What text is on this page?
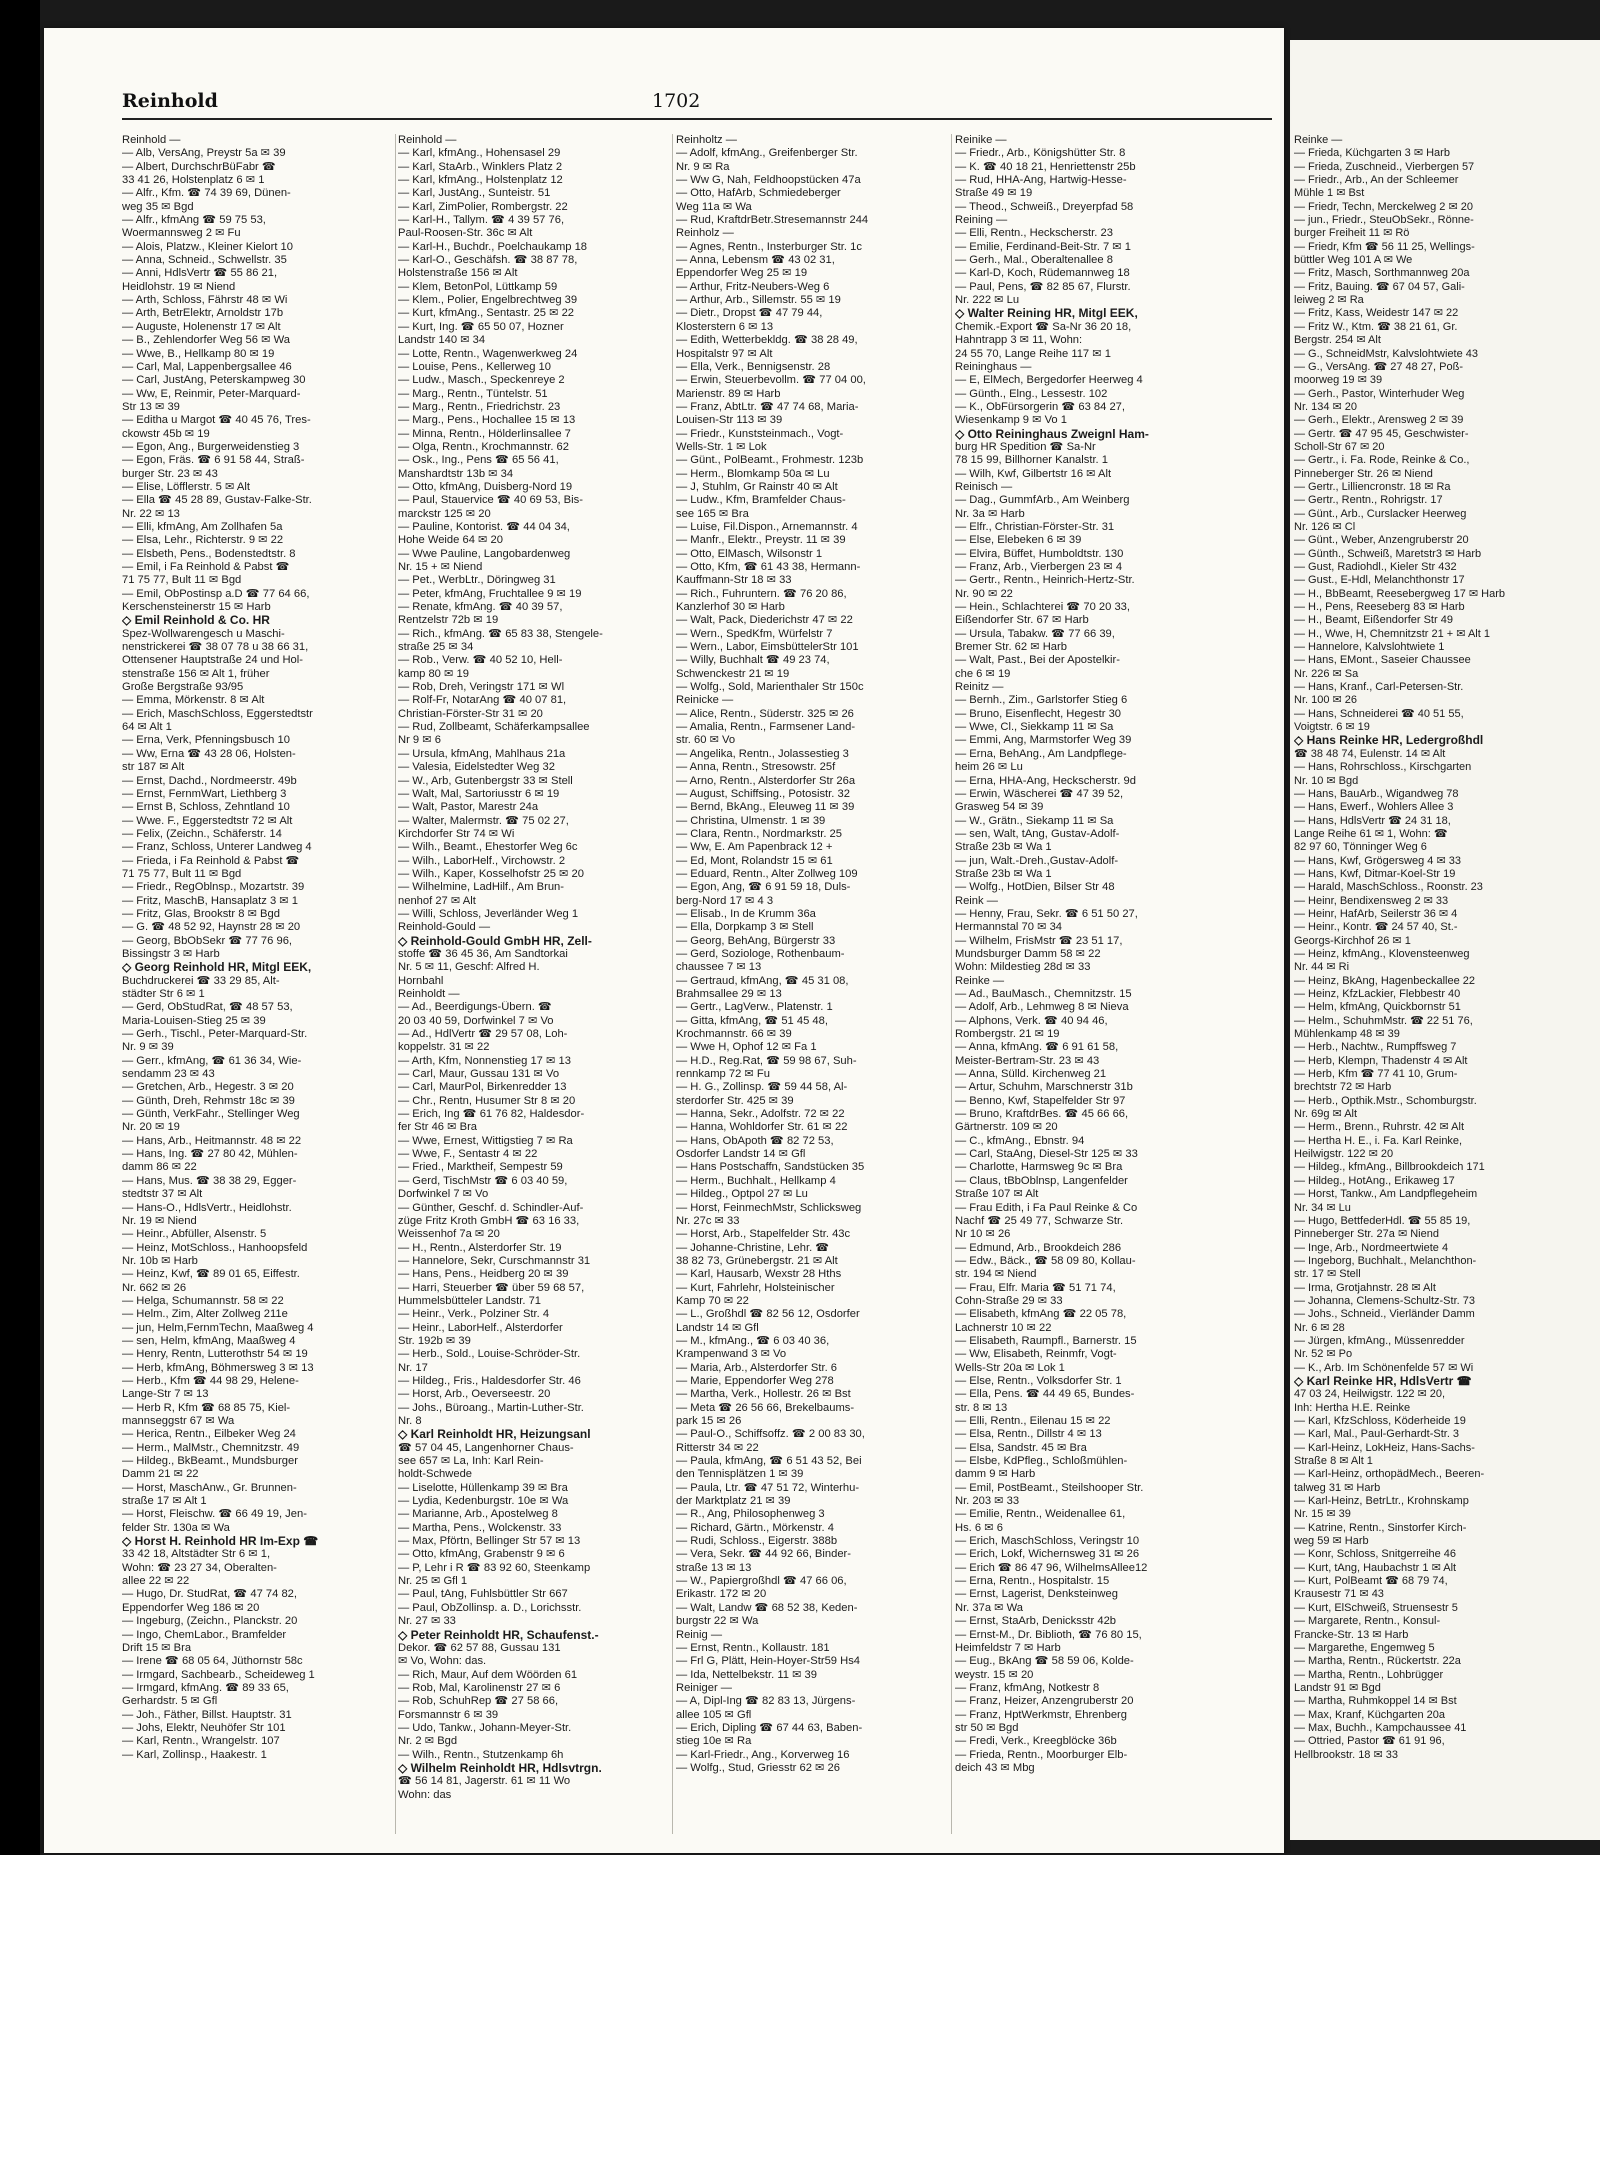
Reinhold	1702
Reinhold —
— Alb, VersAng, Preystr 5a ✉ 39
— Albert, DurchschrBüFabr ☎
33 41 26, Holstenplatz 6 ✉ 1
— Alfr., Kfm. ☎ 74 39 69, Dünen-
weg 35 ✉ Bgd
— Alfr., kfmAng ☎ 59 75 53,
Woermannsweg 2 ✉ Fu
— Alois, Platzw., Kleiner Kielort 10
— Anna, Schneid., Schwellstr. 35
— Anni, HdlsVertr ☎ 55 86 21,
Heidlohstr. 19 ✉ Niend
— Arth, Schloss, Fährstr 48 ✉ Wi
— Arth, BetrElektr, Arnoldstr 17b
— Auguste, Holenenstr 17 ✉ Alt
— B., Zehlendorfer Weg 56 ✉ Wa
— Wwe, B., Hellkamp 80 ✉ 19
— Carl, Mal, Lappenbergsallee 46
— Carl, JustAng, Peterskampweg 30
— Ww, E, Reinmir, Peter-Marquard-
Str 13 ✉ 39
— Editha u Margot ☎ 40 45 76, Tres-
ckowstr 45b ✉ 19
— Egon, Ang., Burgerweidenstieg 3
— Egon, Fräs. ☎ 6 91 58 44, Straß-
burger Str. 23 ✉ 43
— Elise, Löfflerstr. 5 ✉ Alt
— Ella ☎ 45 28 89, Gustav-Falke-Str.
Nr. 22 ✉ 13
— Elli, kfmAng, Am Zollhafen 5a
— Elsa, Lehr., Richterstr. 9 ✉ 22
— Elsbeth, Pens., Bodenstedtstr. 8
— Emil, i Fa Reinhold & Pabst ☎
71 75 77, Bult 11 ✉ Bgd
— Emil, ObPostinsp a.D ☎ 77 64 66,
Kerschensteinerstr 15 ✉ Harb
◇ Emil Reinhold & Co. HR
Spez-Wollwarengesch u Maschi-
nenstrickerei ☎ 38 07 78 u 38 66 31,
Ottensener Hauptstraße 24 und Hol-
stenstraße 156 ✉ Alt 1, früher
Große Bergstraße 93/95
— Emma, Mörkenstr. 8 ✉ Alt
— Erich, MaschSchloss, Eggerstedtstr
64 ✉ Alt 1
— Erna, Verk, Pfenningsbusch 10
— Ww, Erna ☎ 43 28 06, Holsten-
str 187 ✉ Alt
— Ernst, Dachd., Nordmeerstr. 49b
— Ernst, FernmWart, Liethberg 3
— Ernst B, Schloss, Zehntland 10
— Wwe. F., Eggerstedtstr 72 ✉ Alt
— Felix, (Zeichn., Schäferstr. 14
— Franz, Schloss, Unterer Landweg 4
— Frieda, i Fa Reinhold & Pabst ☎
71 75 77, Bult 11 ✉ Bgd
— Friedr., RegOblnsp., Mozartstr. 39
— Fritz, MaschB, Hansaplatz 3 ✉ 1
— Fritz, Glas, Brookstr 8 ✉ Bgd
— G. ☎ 48 52 92, Haynstr 28 ✉ 20
— Georg, BbObSekr ☎ 77 76 96,
Bissingstr 3 ✉ Harb
◇ Georg Reinhold HR, Mitgl EEK,
Buchdruckerei ☎ 33 29 85, Alt-
städter Str 6 ✉ 1
— Gerd, ObStudRat, ☎ 48 57 53,
Maria-Louisen-Stieg 25 ✉ 39
— Gerh., Tischl., Peter-Marquard-Str.
Nr. 9 ✉ 39
— Gerr., kfmAng, ☎ 61 36 34, Wie-
sendamm 23 ✉ 43
— Gretchen, Arb., Hegestr. 3 ✉ 20
— Günth, Dreh, Rehmstr 18c ✉ 39
— Günth, VerkFahr., Stellinger Weg
Nr. 20 ✉ 19
— Hans, Arb., Heitmannstr. 48 ✉ 22
— Hans, Ing. ☎ 27 80 42, Mühlen-
damm 86 ✉ 22
— Hans, Mus. ☎ 38 38 29, Egger-
stedtstr 37 ✉ Alt
— Hans-O., HdlsVertr., Heidlohstr.
Nr. 19 ✉ Niend
— Heinr., Abfüller, Alsenstr. 5
— Heinz, MotSchloss., Hanhoopsfeld
Nr. 10b ✉ Harb
— Heinz, Kwf, ☎ 89 01 65, Eiffestr.
Nr. 662 ✉ 26
— Helga, Schumannstr. 58 ✉ 22
— Helm., Zim, Alter Zollweg 211e
— jun, Helm,FernmTechn, Maaßweg 4
— sen, Helm, kfmAng, Maaßweg 4
— Henry, Rentn, Lutterothstr 54 ✉ 19
— Herb, kfmAng, Böhmersweg 3 ✉ 13
— Herb., Kfm ☎ 44 98 29, Helene-
Lange-Str 7 ✉ 13
— Herb R, Kfm ☎ 68 85 75, Kiel-
mannseggstr 67 ✉ Wa
— Herica, Rentn., Eilbeker Weg 24
— Herm., MalMstr., Chemnitzstr. 49
— Hildeg., BkBeamt., Mundsburger
Damm 21 ✉ 22
— Horst, MaschAnw., Gr. Brunnen-
straße 17 ✉ Alt 1
— Horst, Fleischw. ☎ 66 49 19, Jen-
felder Str. 130a ✉ Wa
◇ Horst H. Reinhold HR Im-Exp ☎
33 42 18, Altstädter Str 6 ✉ 1,
Wohn: ☎ 23 27 34, Oberalten-
allee 22 ✉ 22
— Hugo, Dr. StudRat, ☎ 47 74 82,
Eppendorfer Weg 186 ✉ 20
— Ingeburg, (Zeichn., Planckstr. 20
— Ingo, ChemLabor., Bramfelder
Drift 15 ✉ Bra
— Irene ☎ 68 05 64, Jüthornstr 58c
— Irmgard, Sachbearb., Scheideweg 1
— Irmgard, kfmAng. ☎ 89 33 65,
Gerhardstr. 5 ✉ Gfl
— Joh., Fäther, Billst. Hauptstr. 31
— Johs, Elektr, Neuhöfer Str 101
— Karl, Rentn., Wrangelstr. 107
— Karl, Zollinsp., Haakestr. 1
Reinhold —
— Karl, kfmAng., Hohensasel 29
— Karl, StaArb., Winklers Platz 2
— Karl, kfmAng., Holstenplatz 12
— Karl, JustAng., Sunteistr. 51
— Karl, ZimPolier, Rombergstr. 22
— Karl-H., Tallym. ☎ 4 39 57 76,
Paul-Roosen-Str. 36c ✉ Alt
— Karl-H., Buchdr., Poelchaukamp 18
— Karl-O., Geschäfsh. ☎ 38 87 78,
Holstenstraße 156 ✉ Alt
— Klem, BetonPol, Lüttkamp 59
— Klem., Polier, Engelbrechtweg 39
— Kurt, kfmAng., Sentastr. 25 ✉ 22
— Kurt, Ing. ☎ 65 50 07, Hozner
Landstr 140 ✉ 34
— Lotte, Rentn., Wagenwerkweg 24
— Louise, Pens., Kellerweg 10
— Ludw., Masch., Speckenreye 2
— Marg., Rentn., Tüntelstr. 51
— Marg., Rentn., Friedrichstr. 23
— Marg., Pens., Hochallee 15 ✉ 13
— Minna, Rentn., Hölderlinsallee 7
— Olga, Rentn., Krochmannstr. 62
— Osk., Ing., Pens ☎ 65 56 41,
Manshardtstr 13b ✉ 34
— Otto, kfmAng, Duisberg-Nord 19
— Paul, Stauervice ☎ 40 69 53, Bis-
marckstr 125 ✉ 20
— Pauline, Kontorist. ☎ 44 04 34,
Hohe Weide 64 ✉ 20
— Wwe Pauline, Langobardenweg
Nr. 15 + ✉ Niend
— Pet., WerbLtr., Döringweg 31
— Peter, kfmAng, Fruchtallee 9 ✉ 19
— Renate, kfmAng. ☎ 40 39 57,
Rentzelstr 72b ✉ 19
— Rich., kfmAng. ☎ 65 83 38, Stengele-
straße 25 ✉ 34
— Rob., Verw. ☎ 40 52 10, Hell-
kamp 80 ✉ 19
— Rob, Dreh, Veringstr 171 ✉ Wl
— Rolf-Fr, NotarAng ☎ 40 07 81,
Christian-Förster-Str 31 ✉ 20
— Rud, Zollbeamt, Schäferkampsallee
Nr 9 ✉ 6
— Ursula, kfmAng, Mahlhaus 21a
— Valesia, Eidelstedter Weg 32
— W., Arb, Gutenbergstr 33 ✉ Stell
— Walt, Mal, Sartoriusstr 6 ✉ 19
— Walt, Pastor, Marestr 24a
— Walter, Malermstr. ☎ 75 02 27,
Kirchdorfer Str 74 ✉ Wi
— Wilh., Beamt., Ehestorfer Weg 6c
— Wilh., LaborHelf., Virchowstr. 2
— Wilh., Kaper, Kosselhofstr 25 ✉ 20
— Wilhelmine, LadHilf., Am Brun-
nenhof 27 ✉ Alt
— Willi, Schloss, Jeverländer Weg 1
Reinhold-Gould —
◇ Reinhold-Gould GmbH HR, Zell-
stoffe ☎ 36 45 36, Am Sandtorkai
Nr. 5 ✉ 11, Geschf: Alfred H.
Hornbahl
Reinholdt —
— Ad., Beerdigungs-Übern. ☎
20 03 40 59, Dorfwinkel 7 ✉ Vo
— Ad., HdlVertr ☎ 29 57 08, Loh-
koppelstr. 31 ✉ 22
— Arth, Kfm, Nonnenstieg 17 ✉ 13
— Carl, Maur, Gussau 131 ✉ Vo
— Carl, MaurPol, Birkenredder 13
— Chr., Rentn, Husumer Str 8 ✉ 20
— Erich, Ing ☎ 61 76 82, Haldesdor-
fer Str 46 ✉ Bra
— Wwe, Ernest, Wittigstieg 7 ✉ Ra
— Wwe, F., Sentastr 4 ✉ 22
— Fried., Marktheif, Sempestr 59
— Gerd, TischMstr ☎ 6 03 40 59,
Dorfwinkel 7 ✉ Vo
— Günther, Geschf. d. Schindler-Auf-
züge Fritz Kroth GmbH ☎ 63 16 33,
Weissenhof 7a ✉ 20
— H., Rentn., Alsterdorfer Str. 19
— Hannelore, Sekr, Curschmannstr 31
— Hans, Pens., Heidberg 20 ✉ 39
— Harri, Steuerber ☎ über 59 68 57,
Hummelsbütteler Landstr. 71
— Heinr., Verk., Polziner Str. 4
— Heinr., LaborHelf., Alsterdorfer
Str. 192b ✉ 39
— Herb., Sold., Louise-Schröder-Str.
Nr. 17
— Hildeg., Fris., Haldesdorfer Str. 46
— Horst, Arb., Oeverseestr. 20
— Johs., Büroang., Martin-Luther-Str.
Nr. 8
◇ Karl Reinholdt HR, Heizungsanl
☎ 57 04 45, Langenhorner Chaus-
see 657 ✉ La, Inh: Karl Rein-
holdt-Schwede
— Liselotte, Hüllenkamp 39 ✉ Bra
— Lydia, Kedenburgstr. 10e ✉ Wa
— Marianne, Arb., Apostelweg 8
— Martha, Pens., Wolckenstr. 33
— Max, Pförtn, Bellinger Str 57 ✉ 13
— Otto, kfmAng, Grabenstr 9 ✉ 6
— P, Lehr i R ☎ 83 92 60, Steenkamp
Nr. 25 ✉ Gfl 1
— Paul, tAng, Fuhlsbüttler Str 667
— Paul, ObZollinsp. a. D., Lorichsstr.
Nr. 27 ✉ 33
◇ Peter Reinholdt HR, Schaufenst.-
Dekor. ☎ 62 57 88, Gussau 131
✉ Vo, Wohn: das.
— Rich, Maur, Auf dem Wöörden 61
— Rob, Mal, Karolinenstr 27 ✉ 6
— Rob, SchuhRep ☎ 27 58 66,
Forsmannstr 6 ✉ 39
— Udo, Tankw., Johann-Meyer-Str.
Nr. 2 ✉ Bgd
— Wilh., Rentn., Stutzenkamp 6h
◇ Wilhelm Reinholdt HR, Hdlsvtrgn.
☎ 56 14 81, Jagerstr. 61 ✉ 11 Wo
Wohn: das
Reinholtz —
— Adolf, kfmAng., Greifenberger Str.
Nr. 9 ✉ Ra
— Ww G, Nah, Feldhoopstücken 47a
— Otto, HafArb, Schmiedeberger
Weg 11a ✉ Wa
— Rud, KraftdrBetr.Stresemannstr 244
Reinholz —
— Agnes, Rentn., Insterburger Str. 1c
— Anna, Lebensm ☎ 43 02 31,
Eppendorfer Weg 25 ✉ 19
— Arthur, Fritz-Neubers-Weg 6
— Arthur, Arb., Sillemstr. 55 ✉ 19
— Dietr., Dropst ☎ 47 79 44,
Klosterstern 6 ✉ 13
— Edith, Wetterbekldg. ☎ 38 28 49,
Hospitalstr 97 ✉ Alt
— Ella, Verk., Bennigsenstr. 28
— Erwin, Steuerbevollm. ☎ 77 04 00,
Marienstr. 89 ✉ Harb
— Franz, AbtLtr. ☎ 47 74 68, Maria-
Louisen-Str 113 ✉ 39
— Friedr., Kunststeinmach., Vogt-
Wells-Str. 1 ✉ Lok
— Günt., PolBeamt., Frohmestr. 123b
— Herm., Blomkamp 50a ✉ Lu
— J, Stuhlm, Gr Rainstr 40 ✉ Alt
— Ludw., Kfm, Bramfelder Chaus-
see 165 ✉ Bra
— Luise, Fil.Dispon., Arnemannstr. 4
— Manfr., Elektr., Preystr. 11 ✉ 39
— Otto, ElMasch, Wilsonstr 1
— Otto, Kfm, ☎ 61 43 38, Hermann-
Kauffmann-Str 18 ✉ 33
— Rich., Fuhruntern. ☎ 76 20 86,
Kanzlerhof 30 ✉ Harb
— Walt, Pack, Diederichstr 47 ✉ 22
— Wern., SpedKfm, Würfelstr 7
— Wern., Labor, EimsbüttelerStr 101
— Willy, Buchhalt ☎ 49 23 74,
Schwenckestr 21 ✉ 19
— Wolfg., Sold, Marienthaler Str 150c
Reinicke —
— Alice, Rentn., Süderstr. 325 ✉ 26
— Amalia, Rentn., Farmsener Land-
str. 60 ✉ Vo
— Angelika, Rentn., Jolassestieg 3
— Anna, Rentn., Stresowstr. 25f
— Arno, Rentn., Alsterdorfer Str 26a
— August, Schiffsing., Potosistr. 32
— Bernd, BkAng., Eleuweg 11 ✉ 39
— Christina, Ulmenstr. 1 ✉ 39
— Clara, Rentn., Nordmarkstr. 25
— Ww, E. Am Papenbrack 12 +
— Ed, Mont, Rolandstr 15 ✉ 61
— Eduard, Rentn., Alter Zollweg 109
— Egon, Ang, ☎ 6 91 59 18, Duls-
berg-Nord 17 ✉ 4 3
— Elisab., In de Krumm 36a
— Ella, Dorpkamp 3 ✉ Stell
— Georg, BehAng, Bürgerstr 33
— Gerd, Soziologe, Rothenbaum-
chaussee 7 ✉ 13
— Gertraud, kfmAng, ☎ 45 31 08,
Brahmsallee 29 ✉ 13
— Gertr., LagVerw., Platenstr. 1
— Gitta, kfmAng, ☎ 51 45 48,
Krochmannstr. 66 ✉ 39
— Wwe H, Ophof 12 ✉ Fa 1
— H.D., Reg.Rat, ☎ 59 98 67, Suh-
rennkamp 72 ✉ Fu
— H. G., Zollinsp. ☎ 59 44 58, Al-
sterdorfer Str. 425 ✉ 39
— Hanna, Sekr., Adolfstr. 72 ✉ 22
— Hanna, Wohldorfer Str. 61 ✉ 22
— Hans, ObApoth ☎ 82 72 53,
Osdorfer Landstr 14 ✉ Gfl
— Hans Postschaffn, Sandstücken 35
— Herm., Buchhalt., Hellkamp 4
— Hildeg., Optpol 27 ✉ Lu
— Horst, FeinmechMstr, Schlicksweg
Nr. 27c ✉ 33
— Horst, Arb., Stapelfelder Str. 43c
— Johanne-Christine, Lehr. ☎
38 82 73, Grünebergstr. 21 ✉ Alt
— Karl, Hausarb, Wexstr 28 Hths
— Kurt, Fahrlehr, Holsteinischer
Kamp 70 ✉ 22
— L., Großhdl ☎ 82 56 12, Osdorfer
Landstr 14 ✉ Gfl
— M., kfmAng., ☎ 6 03 40 36,
Krampenwand 3 ✉ Vo
— Maria, Arb., Alsterdorfer Str. 6
— Marie, Eppendorfer Weg 278
— Martha, Verk., Hollestr. 26 ✉ Bst
— Meta ☎ 26 56 66, Brekelbaums-
park 15 ✉ 26
— Paul-O., Schiffsoffz. ☎ 2 00 83 30,
Ritterstr 34 ✉ 22
— Paula, kfmAng, ☎ 6 51 43 52, Bei
den Tennisplätzen 1 ✉ 39
— Paula, Ltr. ☎ 47 51 72, Winterhu-
der Marktplatz 21 ✉ 39
— R., Ang, Philosophenweg 3
— Richard, Gärtn., Mörkenstr. 4
— Rudi, Schloss., Eigerstr. 388b
— Vera, Sekr. ☎ 44 92 66, Binder-
straße 13 ✉ 13
— W., Papiergroßhdl ☎ 47 66 06,
Erikastr. 172 ✉ 20
— Walt, Landw ☎ 68 52 38, Keden-
burgstr 22 ✉ Wa
Reinig —
— Ernst, Rentn., Kollaustr. 181
— Frl G, Plätt, Hein-Hoyer-Str59 Hs4
— Ida, Nettelbekstr. 11 ✉ 39
Reiniger —
— A, Dipl-Ing ☎ 82 83 13, Jürgens-
allee 105 ✉ Gfl
— Erich, Dipling ☎ 67 44 63, Baben-
stieg 10e ✉ Ra
— Karl-Friedr., Ang., Korverweg 16
— Wolfg., Stud, Griesstr 62 ✉ 26
Reinike —
— Friedr., Arb., Königshütter Str. 8
— K. ☎ 40 18 21, Henriettenstr 25b
— Rud, HHA-Ang, Hartwig-Hesse-
Straße 49 ✉ 19
— Theod., Schweiß., Dreyerpfad 58
Reining —
— Elli, Rentn., Heckscherstr. 23
— Emilie, Ferdinand-Beit-Str. 7 ✉ 1
— Gerh., Mal., Oberaltenallee 8
— Karl-D, Koch, Rüdemannweg 18
— Paul, Pens, ☎ 82 85 67, Flurstr.
Nr. 222 ✉ Lu
◇ Walter Reining HR, Mitgl EEK,
Chemik.-Export ☎ Sa-Nr 36 20 18,
Hahntrapp 3 ✉ 11, Wohn:
24 55 70, Lange Reihe 117 ✉ 1
Reininghaus —
— E, ElMech, Bergedorfer Heerweg 4
— Günth., Elng., Lessestr. 102
— K., ObFürsorgerin ☎ 63 84 27,
Wiesenkamp 9 ✉ Vo 1
◇ Otto Reininghaus Zweignl Ham-
burg HR Spedition ☎ Sa-Nr
78 15 99, Billhorner Kanalstr. 1
— Wilh, Kwf, Gilbertstr 16 ✉ Alt
Reinisch —
— Dag., GummfArb., Am Weinberg
Nr. 3a ✉ Harb
— Elfr., Christian-Förster-Str. 31
— Else, Elebeken 6 ✉ 39
— Elvira, Büffet, Humboldtstr. 130
— Franz, Arb., Vierbergen 23 ✉ 4
— Gertr., Rentn., Heinrich-Hertz-Str.
Nr. 90 ✉ 22
— Hein., Schlachterei ☎ 70 20 33,
Eißendorfer Str. 67 ✉ Harb
— Ursula, Tabakw. ☎ 77 66 39,
Bremer Str. 62 ✉ Harb
— Walt, Past., Bei der Apostelkir-
che 6 ✉ 19
Reinitz —
— Bernh., Zim., Garlstorfer Stieg 6
— Bruno, Eisenflecht, Hegestr 30
— Wwe, Cl., Siekkamp 11 ✉ Sa
— Emmi, Ang, Marmstorfer Weg 39
— Erna, BehAng., Am Landpflege-
heim 26 ✉ Lu
— Erna, HHA-Ang, Heckscherstr. 9d
— Erwin, Wäscherei ☎ 47 39 52,
Grasweg 54 ✉ 39
— W., Grätn., Siekamp 11 ✉ Sa
— sen, Walt, tAng, Gustav-Adolf-
Straße 23b ✉ Wa 1
— jun, Walt.-Dreh.,Gustav-Adolf-
Straße 23b ✉ Wa 1
— Wolfg., HotDien, Bilser Str 48
Reink —
— Henny, Frau, Sekr. ☎ 6 51 50 27,
Hermannstal 70 ✉ 34
— Wilhelm, FrisMstr ☎ 23 51 17,
Mundsburger Damm 58 ✉ 22
Wohn: Mildestieg 28d ✉ 33
Reinke —
— Ad., BauMasch., Chemnitzstr. 15
— Adolf, Arb., Lehmweg 8 ✉ Nieva
— Alphons, Verk. ☎ 40 94 46,
Rombergstr. 21 ✉ 19
— Anna, kfmAng. ☎ 6 91 61 58,
Meister-Bertram-Str. 23 ✉ 43
— Anna, Sülld. Kirchenweg 21
— Artur, Schuhm, Marschnerstr 31b
— Benno, Kwf, Stapelfelder Str 97
— Bruno, KraftdrBes. ☎ 45 66 66,
Gärtnerstr. 109 ✉ 20
— C., kfmAng., Ebnstr. 94
— Carl, StaAng, Diesel-Str 125 ✉ 33
— Charlotte, Harmsweg 9c ✉ Bra
— Claus, tBbOblnsp, Langenfelder
Straße 107 ✉ Alt
— Frau Edith, i Fa Paul Reinke & Co
Nachf ☎ 25 49 77, Schwarze Str.
Nr 10 ✉ 26
— Edmund, Arb., Brookdeich 286
— Edw., Bäck., ☎ 58 09 80, Kollau-
str. 194 ✉ Niend
— Frau, Elfr. Maria ☎ 51 71 74,
Cohn-Straße 29 ✉ 33
— Elisabeth, kfmAng ☎ 22 05 78,
Lachnerstr 10 ✉ 22
— Elisabeth, Raumpfl., Barnerstr. 15
— Ww, Elisabeth, Reinmfr, Vogt-
Wells-Str 20a ✉ Lok 1
— Else, Rentn., Volksdorfer Str. 1
— Ella, Pens. ☎ 44 49 65, Bundes-
str. 8 ✉ 13
— Elli, Rentn., Eilenau 15 ✉ 22
— Elsa, Rentn., Dillstr 4 ✉ 13
— Elsa, Sandstr. 45 ✉ Bra
— Elsbe, KdPfleg., Schloßmühlen-
damm 9 ✉ Harb
— Emil, PostBeamt., Steilshooper Str.
Nr. 203 ✉ 33
— Emilie, Rentn., Weidenallee 61,
Hs. 6 ✉ 6
— Erich, MaschSchloss, Veringstr 10
— Erich, Lokf, Wichernsweg 31 ✉ 26
— Erich ☎ 86 47 96, WilhelmsAllee12
— Erna, Rentn., Hospitalstr. 15
— Ernst, Lagerist, Denksteinweg
Nr. 37a ✉ Wa
— Ernst, StaArb, Denicksstr 42b
— Ernst-M., Dr. Biblioth, ☎ 76 80 15,
Heimfeldstr 7 ✉ Harb
— Eug., BkAng ☎ 58 59 06, Kolde-
weystr. 15 ✉ 20
— Franz, kfmAng, Notkestr 8
— Franz, Heizer, Anzengruberstr 20
— Franz, HptWerkmstr, Ehrenberg
str 50 ✉ Bgd
— Fredi, Verk., Kreegblöcke 36b
— Frieda, Rentn., Moorburger Elb-
deich 43 ✉ Mbg
Reinke —
— Frieda, Küchgarten 3 ✉ Harb
— Frieda, Zuschneid., Vierbergen 57
— Friedr., Arb., An der Schleemer
Mühle 1 ✉ Bst
— Friedr, Techn, Merckelweg 2 ✉ 20
— jun., Friedr., SteuObSekr., Rönne-
burger Freiheit 11 ✉ Rö
— Friedr, Kfm ☎ 56 11 25, Wellings-
büttler Weg 101 A ✉ We
— Fritz, Masch, Sorthmannweg 20a
— Fritz, Bauing. ☎ 67 04 57, Gali-
leiweg 2 ✉ Ra
— Fritz, Kass, Weidestr 147 ✉ 22
— Fritz W., Ktm. ☎ 38 21 61, Gr.
Bergstr. 254 ✉ Alt
— G., SchneidMstr, Kalvslohtwiete 43
— G., VersAng. ☎ 27 48 27, Poß-
moorweg 19 ✉ 39
— Gerh., Pastor, Winterhuder Weg
Nr. 134 ✉ 20
— Gerh., Elektr., Arensweg 2 ✉ 39
— Gertr. ☎ 47 95 45, Geschwister-
Scholl-Str 67 ✉ 20
— Gertr., i. Fa. Rode, Reinke & Co.,
Pinneberger Str. 26 ✉ Niend
— Gertr., Lilliencronstr. 18 ✉ Ra
— Gertr., Rentn., Rohrigstr. 17
— Günt., Arb., Curslacker Heerweg
Nr. 126 ✉ Cl
— Günt., Weber, Anzengruberstr 20
— Günth., Schweiß, Maretstr3 ✉ Harb
— Gust, Radiohdl., Kieler Str 432
— Gust., E-Hdl, Melanchthonstr 17
— H., BbBeamt, Reesebergweg 17 ✉ Harb
— H., Pens, Reeseberg 83 ✉ Harb
— H., Beamt, Eißendorfer Str 49
— H., Wwe, H, Chemnitzstr 21 + ✉ Alt 1
— Hannelore, Kalvslohtwiete 1
— Hans, EMont., Saseier Chaussee
Nr. 226 ✉ Sa
— Hans, Kranf., Carl-Petersen-Str.
Nr. 100 ✉ 26
— Hans, Schneiderei ☎ 40 51 55,
Voigtstr. 6 ✉ 19
◇ Hans Reinke HR, Ledergroßhdl
☎ 38 48 74, Eulenstr. 14 ✉ Alt
— Hans, Rohrschloss., Kirschgarten
Nr. 10 ✉ Bgd
— Hans, BauArb., Wigandweg 78
— Hans, Ewerf., Wohlers Allee 3
— Hans, HdlsVertr ☎ 24 31 18,
Lange Reihe 61 ✉ 1, Wohn: ☎
82 97 60, Tönninger Weg 6
— Hans, Kwf, Grögersweg 4 ✉ 33
— Hans, Kwf, Ditmar-Koel-Str 19
— Harald, MaschSchloss., Roonstr. 23
— Heinr, Bendixensweg 2 ✉ 33
— Heinr, HafArb, Seilerstr 36 ✉ 4
— Heinr., Kontr. ☎ 24 57 40, St.-
Georgs-Kirchhof 26 ✉ 1
— Heinz, kfmAng., Klovensteenweg
Nr. 44 ✉ Ri
— Heinz, BkAng, Hagenbeckallee 22
— Heinz, KfzLackier, Flebbestr 40
— Helm, kfmAng, Quickbornstr 51
— Helm., SchuhmMstr. ☎ 22 51 76,
Mühlenkamp 48 ✉ 39
— Herb., Nachtw., Rumpffsweg 7
— Herb, Klempn, Thadenstr 4 ✉ Alt
— Herb, Kfm ☎ 77 41 10, Grum-
brechtstr 72 ✉ Harb
— Herb., Opthik.Mstr., Schomburgstr.
Nr. 69g ✉ Alt
— Herm., Brenn., Ruhrstr. 42 ✉ Alt
— Hertha H. E., i. Fa. Karl Reinke,
Heilwigstr. 122 ✉ 20
— Hildeg., kfmAng., Billbrookdeich 171
— Hildeg., HotAng., Erikaweg 17
— Horst, Tankw., Am Landpflegeheim
Nr. 34 ✉ Lu
— Hugo, BettfederHdl. ☎ 55 85 19,
Pinneberger Str. 27a ✉ Niend
— Inge, Arb., Nordmeertwiete 4
— Ingeborg, Buchhalt., Melanchthon-
str. 17 ✉ Stell
— Irma, Grotjahnstr. 28 ✉ Alt
— Johanna, Clemens-Schultz-Str. 73
— Johs., Schneid., Vierländer Damm
Nr. 6 ✉ 28
— Jürgen, kfmAng., Müssenredder
Nr. 52 ✉ Po
— K., Arb. Im Schönenfelde 57 ✉ Wi
◇ Karl Reinke HR, HdlsVertr ☎
47 03 24, Heilwigstr. 122 ✉ 20,
Inh: Hertha H.E. Reinke
— Karl, KfzSchloss, Köderheide 19
— Karl, Mal., Paul-Gerhardt-Str. 3
— Karl-Heinz, LokHeiz, Hans-Sachs-
Straße 8 ✉ Alt 1
— Karl-Heinz, orthopädMech., Beeren-
talweg 31 ✉ Harb
— Karl-Heinz, BetrLtr., Krohnskamp
Nr. 15 ✉ 39
— Katrine, Rentn., Sinstorfer Kirch-
weg 59 ✉ Harb
— Konr, Schloss, Snitgerreihe 46
— Kurt, tAng, Haubachstr 1 ✉ Alt
— Kurt, PolBeamt ☎ 68 79 74,
Krausestr 71 ✉ 43
— Kurt, ElSchweiß, Struensestr 5
— Margarete, Rentn., Konsul-
Francke-Str. 13 ✉ Harb
— Margarethe, Engemweg 5
— Martha, Rentn., Rückertstr. 22a
— Martha, Rentn., Lohbrügger
Landstr 91 ✉ Bgd
— Martha, Ruhmkoppel 14 ✉ Bst
— Max, Kranf, Küchgarten 20a
— Max, Buchh., Kampchaussee 41
— Ottried, Pastor ☎ 61 91 96,
Hellbrookstr. 18 ✉ 33
